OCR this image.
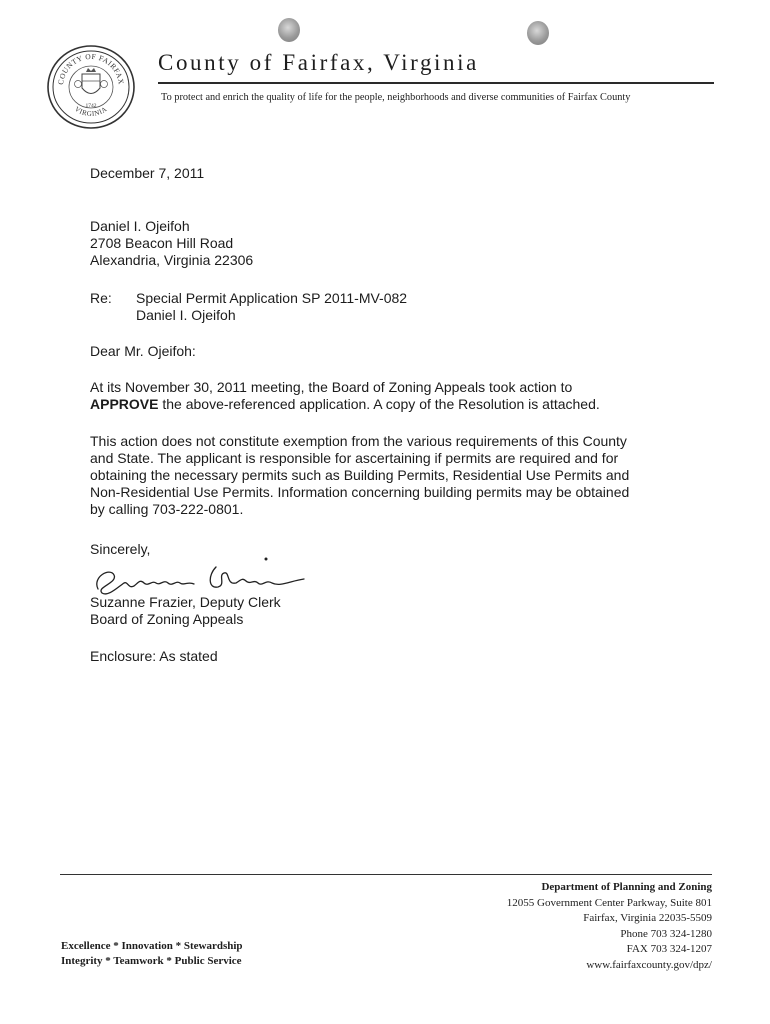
COUNTY OF FAIRFAX
VIRGINIA
1742
County of Fairfax, Virginia
To protect and enrich the quality of life for the people, neighborhoods and diverse communities of Fairfax County
December 7, 2011
Daniel I. Ojeifoh
2708 Beacon Hill Road
Alexandria, Virginia 22306
Re: Special Permit Application SP 2011-MV-082
Daniel I. Ojeifoh
Dear Mr. Ojeifoh:
At its November 30, 2011 meeting, the Board of Zoning Appeals took action to
APPROVE the above-referenced application. A copy of the Resolution is attached.
This action does not constitute exemption from the various requirements of this County
and State. The applicant is responsible for ascertaining if permits are required and for
obtaining the necessary permits such as Building Permits, Residential Use Permits and
Non-Residential Use Permits. Information concerning building permits may be obtained
by calling 703-222-0801.
Sincerely,
Suzanne Frazier, Deputy Clerk
Board of Zoning Appeals
Enclosure: As stated
Excellence * Innovation * Stewardship
Integrity * Teamwork * Public Service
Department of Planning and Zoning
12055 Government Center Parkway, Suite 801
Fairfax, Virginia 22035-5509
Phone 703 324-1280
FAX 703 324-1207
www.fairfaxcounty.gov/dpz/
